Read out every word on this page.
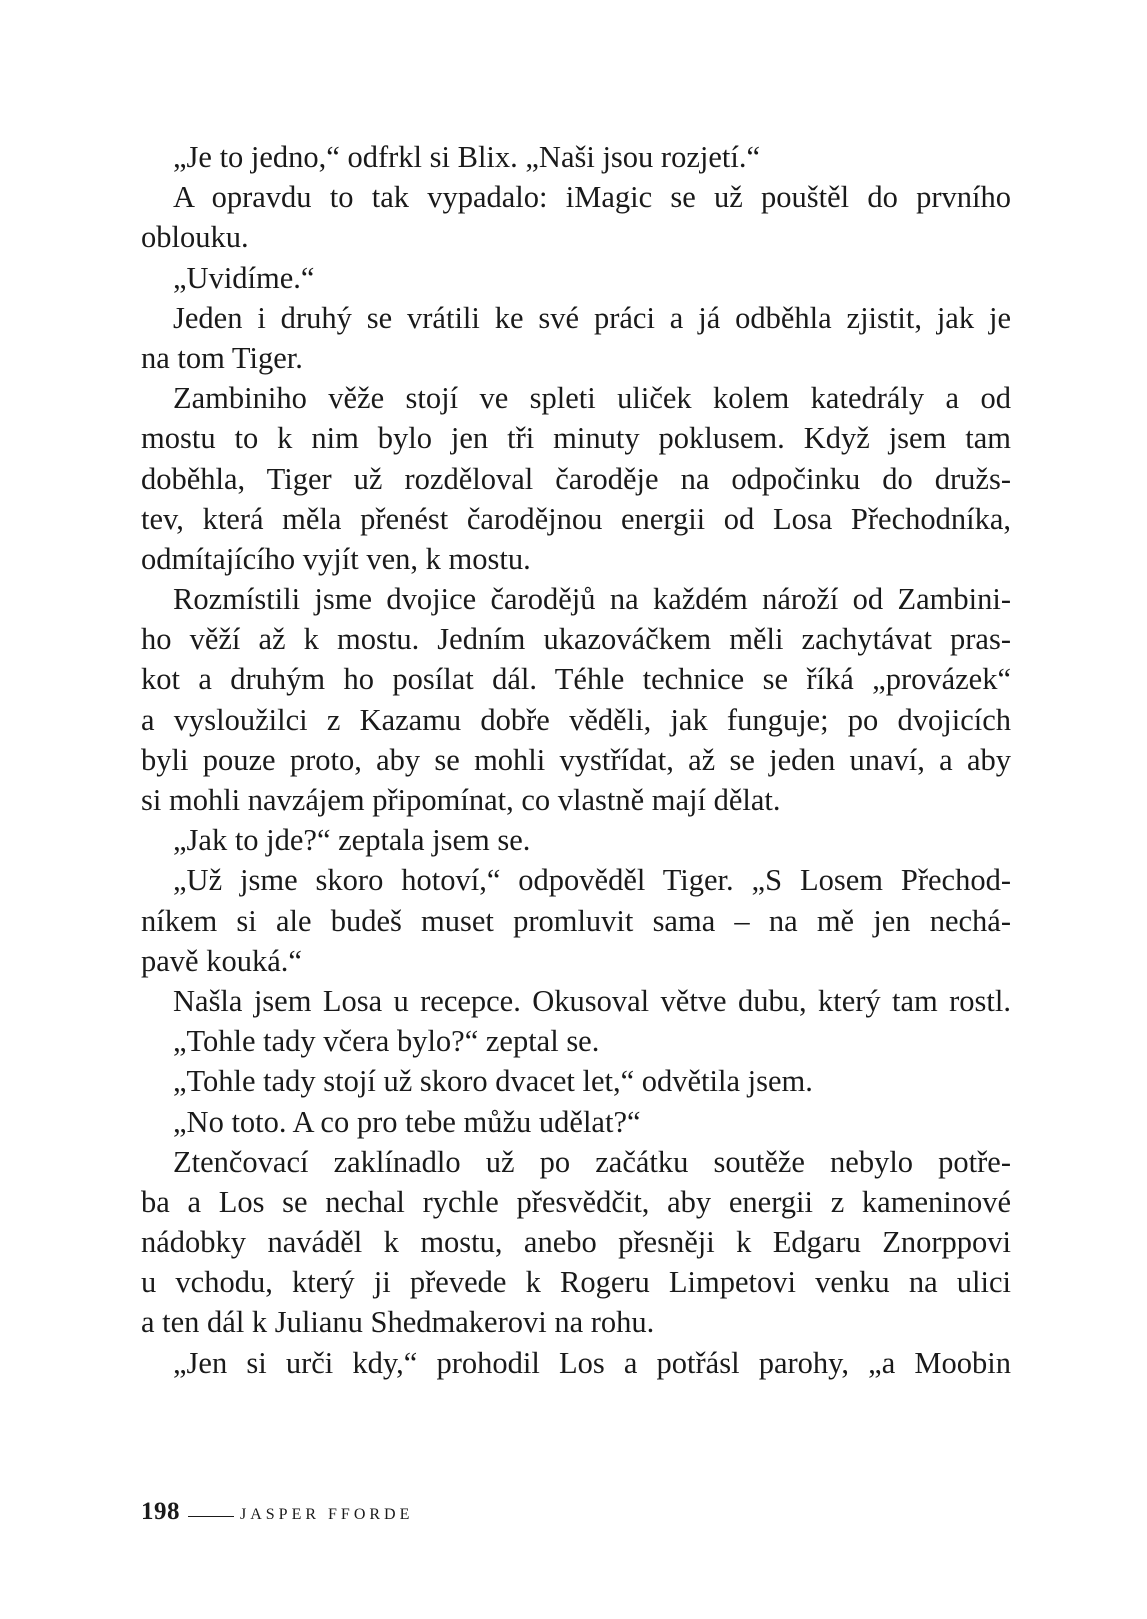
„Je to jedno,“ odfrkl si Blix. „Naši jsou rozjetí.“
A opravdu to tak vypadalo: iMagic se už pouštěl do prvního
oblouku.
„Uvidíme.“
Jeden i druhý se vrátili ke své práci a já odběhla zjistit, jak je
na tom Tiger.
Zambiniho věže stojí ve spleti uliček kolem katedrály a od
mostu to k nim bylo jen tři minuty poklusem. Když jsem tam
doběhla, Tiger už rozděloval čaroděje na odpočinku do družs-
tev, která měla přenést čarodějnou energii od Losa Přechodníka,
odmítajícího vyjít ven, k mostu.
Rozmístili jsme dvojice čarodějů na každém nároží od Zambini-
ho věží až k mostu. Jedním ukazováčkem měli zachytávat pras-
kot a druhým ho posílat dál. Téhle technice se říká „provázek“
a vysloužilci z Kazamu dobře věděli, jak funguje; po dvojicích
byli pouze proto, aby se mohli vystřídat, až se jeden unaví, a aby
si mohli navzájem připomínat, co vlastně mají dělat.
„Jak to jde?“ zeptala jsem se.
„Už jsme skoro hotoví,“ odpověděl Tiger. „S Losem Přechod-
níkem si ale budeš muset promluvit sama – na mě jen nechá-
pavě kouká.“
Našla jsem Losa u recepce. Okusoval větve dubu, který tam rostl.
„Tohle tady včera bylo?“ zeptal se.
„Tohle tady stojí už skoro dvacet let,“ odvětila jsem.
„No toto. A co pro tebe můžu udělat?“
Ztenčovací zaklínadlo už po začátku soutěže nebylo potře-
ba a Los se nechal rychle přesvědčit, aby energii z kameninové
nádobky naváděl k mostu, anebo přesněji k Edgaru Znorppovi
u vchodu, který ji převede k Rogeru Limpetovi venku na ulici
a ten dál k Julianu Shedmakerovi na rohu.
„Jen si urči kdy,“ prohodil Los a potřásl parohy, „a Moobin
198	JASPER FFORDE
